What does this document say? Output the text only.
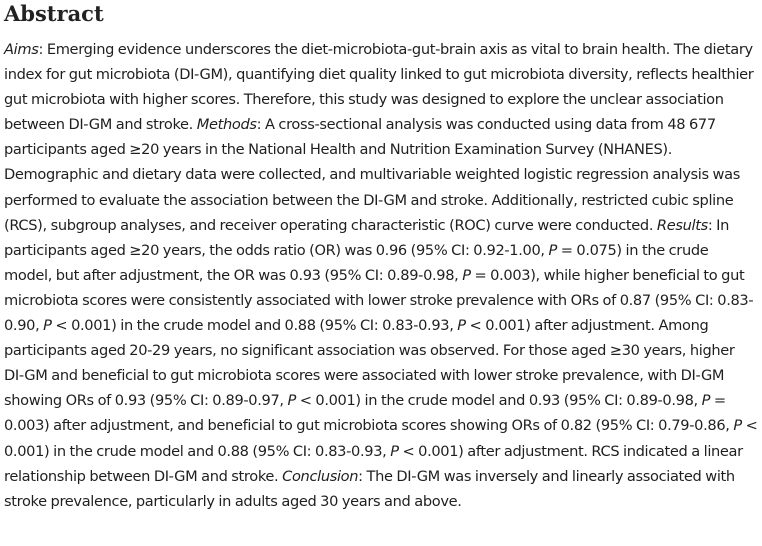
Abstract

Aims: Emerging evidence underscores the diet-microbiota-gut-brain axis as vital to brain health. The dietary index for gut microbiota (DI-GM), quantifying diet quality linked to gut microbiota diversity, reflects healthier gut microbiota with higher scores. Therefore, this study was designed to explore the unclear association between DI-GM and stroke. Methods: A cross-sectional analysis was conducted using data from 48 677 participants aged ≥20 years in the National Health and Nutrition Examination Survey (NHANES). Demographic and dietary data were collected, and multivariable weighted logistic regression analysis was performed to evaluate the association between the DI-GM and stroke. Additionally, restricted cubic spline (RCS), subgroup analyses, and receiver operating characteristic (ROC) curve were conducted. Results: In participants aged ≥20 years, the odds ratio (OR) was 0.96 (95% CI: 0.92-1.00, P = 0.075) in the crude model, but after adjustment, the OR was 0.93 (95% CI: 0.89-0.98, P = 0.003), while higher beneficial to gut microbiota scores were consistently associated with lower stroke prevalence with ORs of 0.87 (95% CI: 0.83-0.90, P < 0.001) in the crude model and 0.88 (95% CI: 0.83-0.93, P < 0.001) after adjustment. Among participants aged 20-29 years, no significant association was observed. For those aged ≥30 years, higher DI-GM and beneficial to gut microbiota scores were associated with lower stroke prevalence, with DI-GM showing ORs of 0.93 (95% CI: 0.89-0.97, P < 0.001) in the crude model and 0.93 (95% CI: 0.89-0.98, P = 0.003) after adjustment, and beneficial to gut microbiota scores showing ORs of 0.82 (95% CI: 0.79-0.86, P < 0.001) in the crude model and 0.88 (95% CI: 0.83-0.93, P < 0.001) after adjustment. RCS indicated a linear relationship between DI-GM and stroke. Conclusion: The DI-GM was inversely and linearly associated with stroke prevalence, particularly in adults aged 30 years and above.
